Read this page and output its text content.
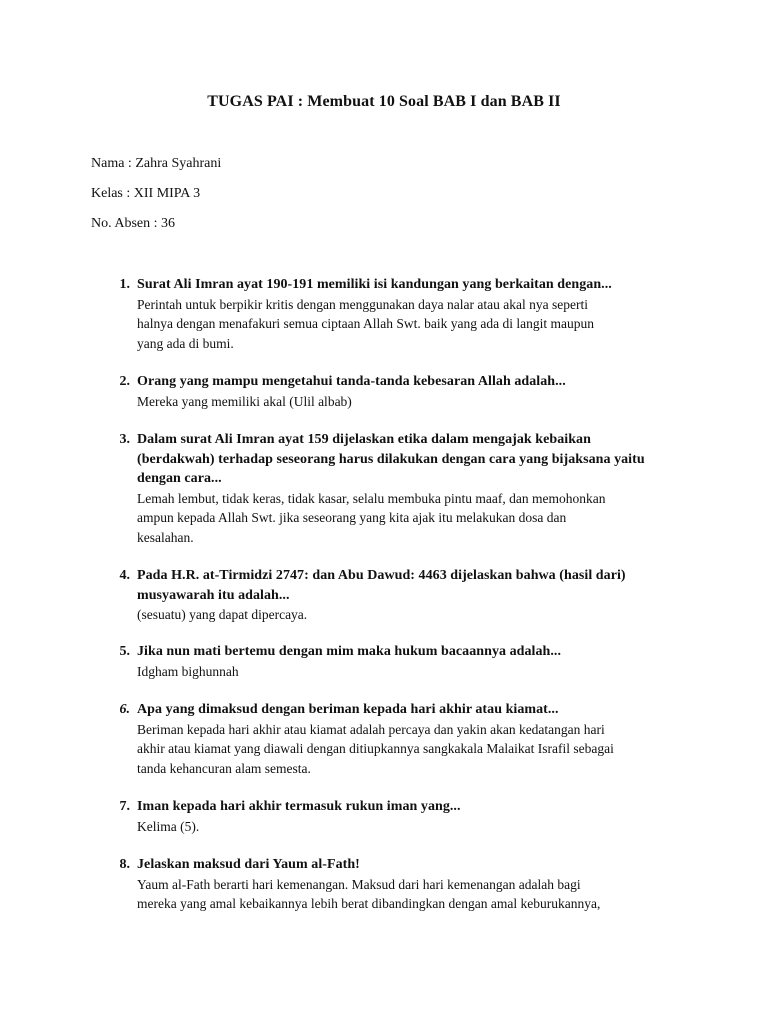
TUGAS PAI : Membuat 10 Soal BAB I dan BAB II
Nama : Zahra Syahrani
Kelas : XII MIPA 3
No. Absen : 36
1. Surat Ali Imran ayat 190-191 memiliki isi kandungan yang berkaitan dengan...
Perintah untuk berpikir kritis dengan menggunakan daya nalar atau akal nya seperti
halnya dengan menafakuri semua ciptaan Allah Swt. baik yang ada di langit maupun
yang ada di bumi.
2. Orang yang mampu mengetahui tanda-tanda kebesaran Allah adalah...
Mereka yang memiliki akal (Ulil albab)
3. Dalam surat Ali Imran ayat 159 dijelaskan etika dalam mengajak kebaikan
(berdakwah) terhadap seseorang harus dilakukan dengan cara yang bijaksana yaitu
dengan cara...
Lemah lembut, tidak keras, tidak kasar, selalu membuka pintu maaf, dan memohonkan
ampun kepada Allah Swt. jika seseorang yang kita ajak itu melakukan dosa dan
kesalahan.
4. Pada H.R. at-Tirmidzi 2747: dan Abu Dawud: 4463 dijelaskan bahwa (hasil dari)
musyawarah itu adalah...
(sesuatu) yang dapat dipercaya.
5. Jika nun mati bertemu dengan mim maka hukum bacaannya adalah...
Idgham bighunnah
6. Apa yang dimaksud dengan beriman kepada hari akhir atau kiamat...
Beriman kepada hari akhir atau kiamat adalah percaya dan yakin akan kedatangan hari
akhir atau kiamat yang diawali dengan ditiupkannya sangkakala Malaikat Israfil sebagai
tanda kehancuran alam semesta.
7. Iman kepada hari akhir termasuk rukun iman yang...
Kelima (5).
8. Jelaskan maksud dari Yaum al-Fath!
Yaum al-Fath berarti hari kemenangan. Maksud dari hari kemenangan adalah bagi
mereka yang amal kebaikannya lebih berat dibandingkan dengan amal keburukannya,
